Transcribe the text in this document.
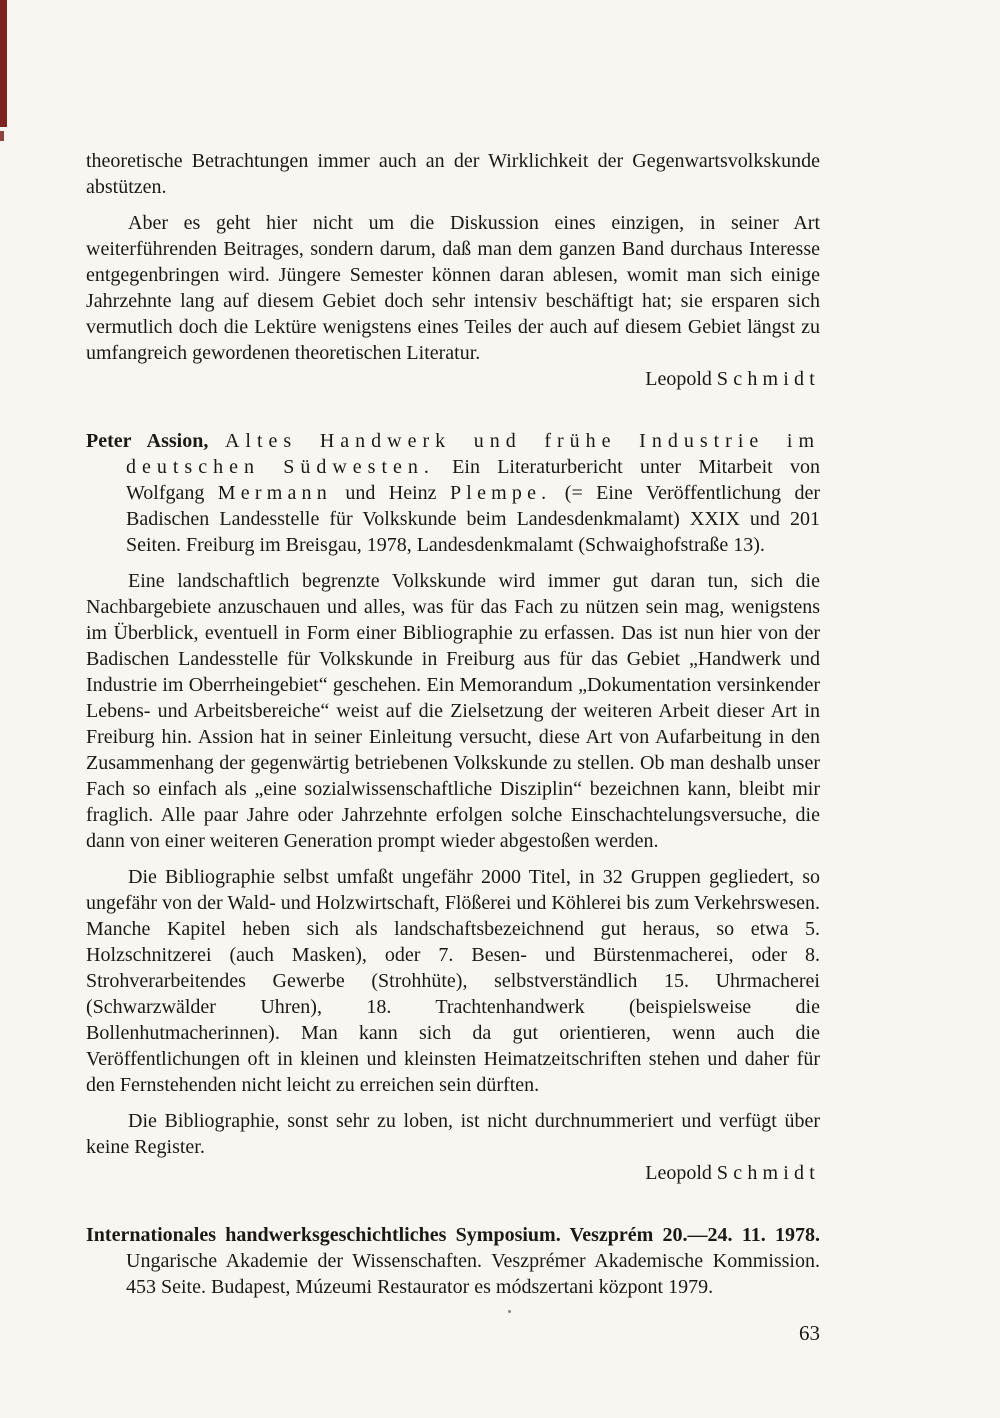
theoretische Betrachtungen immer auch an der Wirklichkeit der Gegenwartsvolkskunde abstützen.

Aber es geht hier nicht um die Diskussion eines einzigen, in seiner Art weiterführenden Beitrages, sondern darum, daß man dem ganzen Band durchaus Interesse entgegenbringen wird. Jüngere Semester können daran ablesen, womit man sich einige Jahrzehnte lang auf diesem Gebiet doch sehr intensiv beschäftigt hat; sie ersparen sich vermutlich doch die Lektüre wenigstens eines Teiles der auch auf diesem Gebiet längst zu umfangreich gewordenen theoretischen Literatur.

Leopold Schmidt

Peter Assion, Altes Handwerk und frühe Industrie im deutschen Südwesten. Ein Literaturbericht unter Mitarbeit von Wolfgang Mermann und Heinz Plempe. (= Eine Veröffentlichung der Badischen Landesstelle für Volkskunde beim Landesdenkmalamt) XXIX und 201 Seiten. Freiburg im Breisgau, 1978, Landesdenkmalamt (Schwaighofstraße 13).

Eine landschaftlich begrenzte Volkskunde wird immer gut daran tun, sich die Nachbargebiete anzuschauen und alles, was für das Fach zu nützen sein mag, wenigstens im Überblick, eventuell in Form einer Bibliographie zu erfassen. Das ist nun hier von der Badischen Landesstelle für Volkskunde in Freiburg aus für das Gebiet „Handwerk und Industrie im Oberrheingebiet“ geschehen. Ein Memorandum „Dokumentation versinkender Lebens- und Arbeitsbereiche“ weist auf die Zielsetzung der weiteren Arbeit dieser Art in Freiburg hin. Assion hat in seiner Einleitung versucht, diese Art von Aufarbeitung in den Zusammenhang der gegenwärtig betriebenen Volkskunde zu stellen. Ob man deshalb unser Fach so einfach als „eine sozialwissenschaftliche Disziplin“ bezeichnen kann, bleibt mir fraglich. Alle paar Jahre oder Jahrzehnte erfolgen solche Einschachtelungsversuche, die dann von einer weiteren Generation prompt wieder abgestoßen werden.

Die Bibliographie selbst umfaßt ungefähr 2000 Titel, in 32 Gruppen gegliedert, so ungefähr von der Wald- und Holzwirtschaft, Flößerei und Köhlerei bis zum Verkehrswesen. Manche Kapitel heben sich als landschaftsbezeichnend gut heraus, so etwa 5. Holzschnitzerei (auch Masken), oder 7. Besen- und Bürstenmacherei, oder 8. Strohverarbeitendes Gewerbe (Strohhüte), selbstverständlich 15. Uhrmacherei (Schwarzwälder Uhren), 18. Trachtenhandwerk (beispielsweise die Bollenhutmacherinnen). Man kann sich da gut orientieren, wenn auch die Veröffentlichungen oft in kleinen und kleinsten Heimatzeitschriften stehen und daher für den Fernstehenden nicht leicht zu erreichen sein dürften.

Die Bibliographie, sonst sehr zu loben, ist nicht durchnummeriert und verfügt über keine Register.

Leopold Schmidt

Internationales handwerksgeschichtliches Symposium. Veszprém 20.—24. 11. 1978. Ungarische Akademie der Wissenschaften. Veszprémer Akademische Kommission. 453 Seite. Budapest, Múzeumi Restaurator es módszertani központ 1979.

63
